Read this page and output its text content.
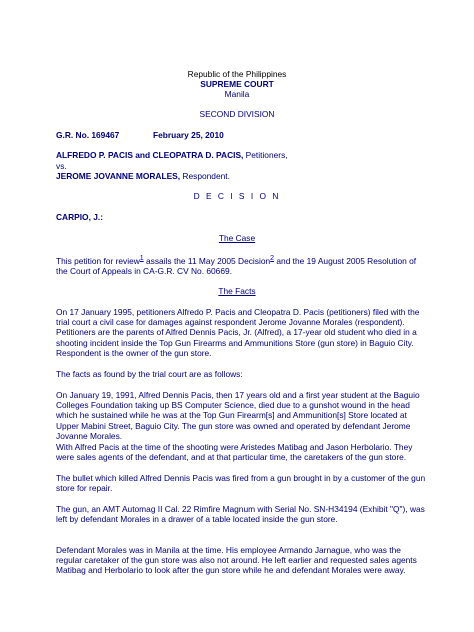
Republic of the Philippines
SUPREME COURT
Manila
SECOND DIVISION
G.R. No. 169467	February 25, 2010
ALFREDO P. PACIS and CLEOPATRA D. PACIS, Petitioners,
vs.
JEROME JOVANNE MORALES, Respondent.
D E C I S I O N
CARPIO, J.:
The Case
This petition for review$^1$ assails the 11 May 2005 Decision$^2$ and the 19 August 2005 Resolution of the Court of Appeals in CA-G.R. CV No. 60669.
The Facts
On 17 January 1995, petitioners Alfredo P. Pacis and Cleopatra D. Pacis (petitioners) filed with the trial court a civil case for damages against respondent Jerome Jovanne Morales (respondent). Petitioners are the parents of Alfred Dennis Pacis, Jr. (Alfred), a 17-year old student who died in a shooting incident inside the Top Gun Firearms and Ammunitions Store (gun store) in Baguio City. Respondent is the owner of the gun store.
The facts as found by the trial court are as follows:
On January 19, 1991, Alfred Dennis Pacis, then 17 years old and a first year student at the Baguio Colleges Foundation taking up BS Computer Science, died due to a gunshot wound in the head which he sustained while he was at the Top Gun Firearm[s] and Ammunition[s] Store located at Upper Mabini Street, Baguio City. The gun store was owned and operated by defendant Jerome Jovanne Morales.
With Alfred Pacis at the time of the shooting were Aristedes Matibag and Jason Herbolario. They were sales agents of the defendant, and at that particular time, the caretakers of the gun store.
The bullet which killed Alfred Dennis Pacis was fired from a gun brought in by a customer of the gun store for repair.
The gun, an AMT Automag II Cal. 22 Rimfire Magnum with Serial No. SN-H34194 (Exhibit "Q"), was left by defendant Morales in a drawer of a table located inside the gun store.
Defendant Morales was in Manila at the time. His employee Armando Jarnague, who was the regular caretaker of the gun store was also not around. He left earlier and requested sales agents Matibag and Herbolario to look after the gun store while he and defendant Morales were away.
